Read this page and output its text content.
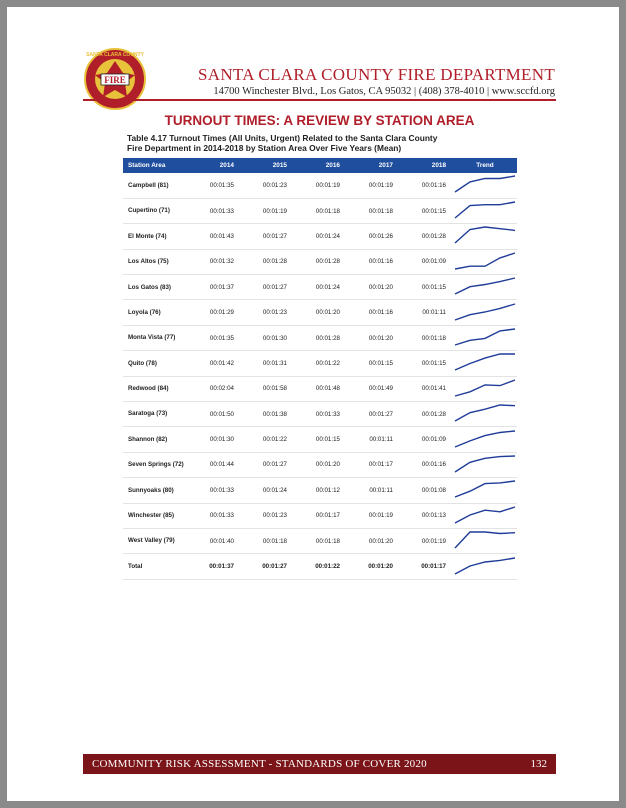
FIRE
SANTA CLARA COUNTY
SANTA CLARA COUNTY FIRE DEPARTMENT
14700 Winchester Blvd., Los Gatos, CA 95032 | (408) 378-4010 | www.sccfd.org
TURNOUT TIMES: A REVIEW BY STATION AREA
Table 4.17 Turnout Times (All Units, Urgent) Related to the Santa Clara County
Fire Department in 2014-2018 by Station Area Over Five Years (Mean)
Station Area	2014	2015	2016	2017	2018	Trend
Campbell (81)	00:01:35	00:01:23	00:01:19	00:01:19	00:01:16	

Cupertino (71)	00:01:33	00:01:19	00:01:18	00:01:18	00:01:15	

El Monte (74)	00:01:43	00:01:27	00:01:24	00:01:26	00:01:28	

Los Altos (75)	00:01:32	00:01:28	00:01:28	00:01:16	00:01:09	

Los Gatos (83)	00:01:37	00:01:27	00:01:24	00:01:20	00:01:15	

Loyola (76)	00:01:29	00:01:23	00:01:20	00:01:16	00:01:11	

Monta Vista (77)	00:01:35	00:01:30	00:01:28	00:01:20	00:01:18	

Quito (78)	00:01:42	00:01:31	00:01:22	00:01:15	00:01:15	

Redwood (84)	00:02:04	00:01:58	00:01:48	00:01:49	00:01:41	

Saratoga (73)	00:01:50	00:01:38	00:01:33	00:01:27	00:01:28	

Shannon (82)	00:01:30	00:01:22	00:01:15	00:01:11	00:01:09	

Seven Springs (72)	00:01:44	00:01:27	00:01:20	00:01:17	00:01:16	

Sunnyoaks (80)	00:01:33	00:01:24	00:01:12	00:01:11	00:01:08	

Winchester (85)	00:01:33	00:01:23	00:01:17	00:01:19	00:01:13	

West Valley (79)	00:01:40	00:01:18	00:01:18	00:01:20	00:01:19	

Total	00:01:37	00:01:27	00:01:22	00:01:20	00:01:17	
COMMUNITY RISK ASSESSMENT - STANDARDS OF COVER 2020	132
